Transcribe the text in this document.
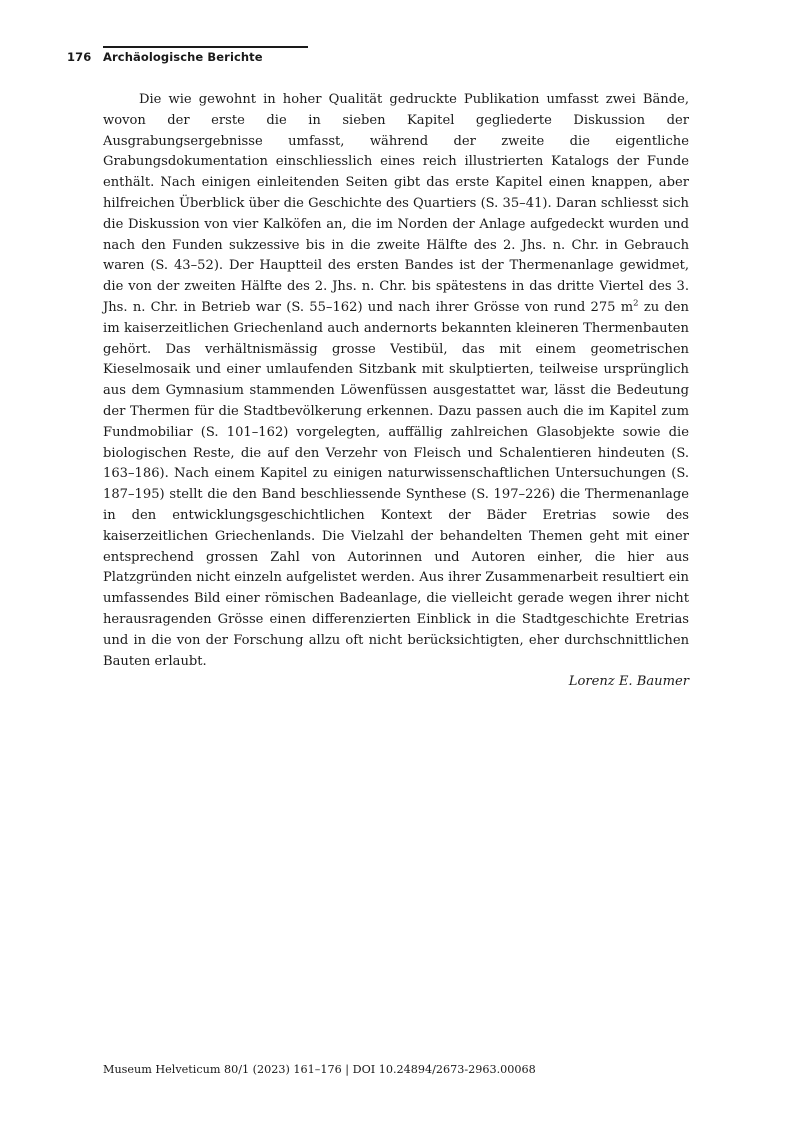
176 Archäologische Berichte

Die wie gewohnt in hoher Qualität gedruckte Publikation umfasst zwei Bände, wovon der erste die in sieben Kapitel gegliederte Diskussion der Ausgrabungsergebnisse umfasst, während der zweite die eigentliche Grabungsdokumentation einschliesslich eines reich illustrierten Katalogs der Funde enthält. Nach einigen einleitenden Seiten gibt das erste Kapitel einen knappen, aber hilfreichen Überblick über die Geschichte des Quartiers (S. 35–41). Daran schliesst sich die Diskussion von vier Kalköfen an, die im Norden der Anlage aufgedeckt wurden und nach den Funden sukzessive bis in die zweite Hälfte des 2. Jhs. n. Chr. in Gebrauch waren (S. 43–52). Der Hauptteil des ersten Bandes ist der Thermenanlage gewidmet, die von der zweiten Hälfte des 2. Jhs. n. Chr. bis spätestens in das dritte Viertel des 3. Jhs. n. Chr. in Betrieb war (S. 55–162) und nach ihrer Grösse von rund 275 $m^2$ zu den im kaiserzeitlichen Griechenland auch andernorts bekannten kleineren Thermenbauten gehört. Das verhältnismässig grosse Vestibül, das mit einem geometrischen Kieselmosaik und einer umlaufenden Sitzbank mit skulptierten, teilweise ursprünglich aus dem Gymnasium stammenden Löwenfüssen ausgestattet war, lässt die Bedeutung der Thermen für die Stadtbevölkerung erkennen. Dazu passen auch die im Kapitel zum Fundmobiliar (S. 101–162) vorgelegten, auffällig zahlreichen Glasobjekte sowie die biologischen Reste, die auf den Verzehr von Fleisch und Schalentieren hindeuten (S. 163–186). Nach einem Kapitel zu einigen naturwissenschaftlichen Untersuchungen (S. 187–195) stellt die den Band beschliessende Synthese (S. 197–226) die Thermenanlage in den entwicklungsgeschichtlichen Kontext der Bäder Eretrias sowie des kaiserzeitlichen Griechenlands. Die Vielzahl der behandelten Themen geht mit einer entsprechend grossen Zahl von Autorinnen und Autoren einher, die hier aus Platzgründen nicht einzeln aufgelistet werden. Aus ihrer Zusammenarbeit resultiert ein umfassendes Bild einer römischen Badeanlage, die vielleicht gerade wegen ihrer nicht herausragenden Grösse einen differenzierten Einblick in die Stadtgeschichte Eretrias und in die von der Forschung allzu oft nicht berücksichtigten, eher durchschnittlichen Bauten erlaubt.

Lorenz E. Baumer
Museum Helveticum 80/1 (2023) 161–176 | DOI 10.24894/2673-2963.00068
